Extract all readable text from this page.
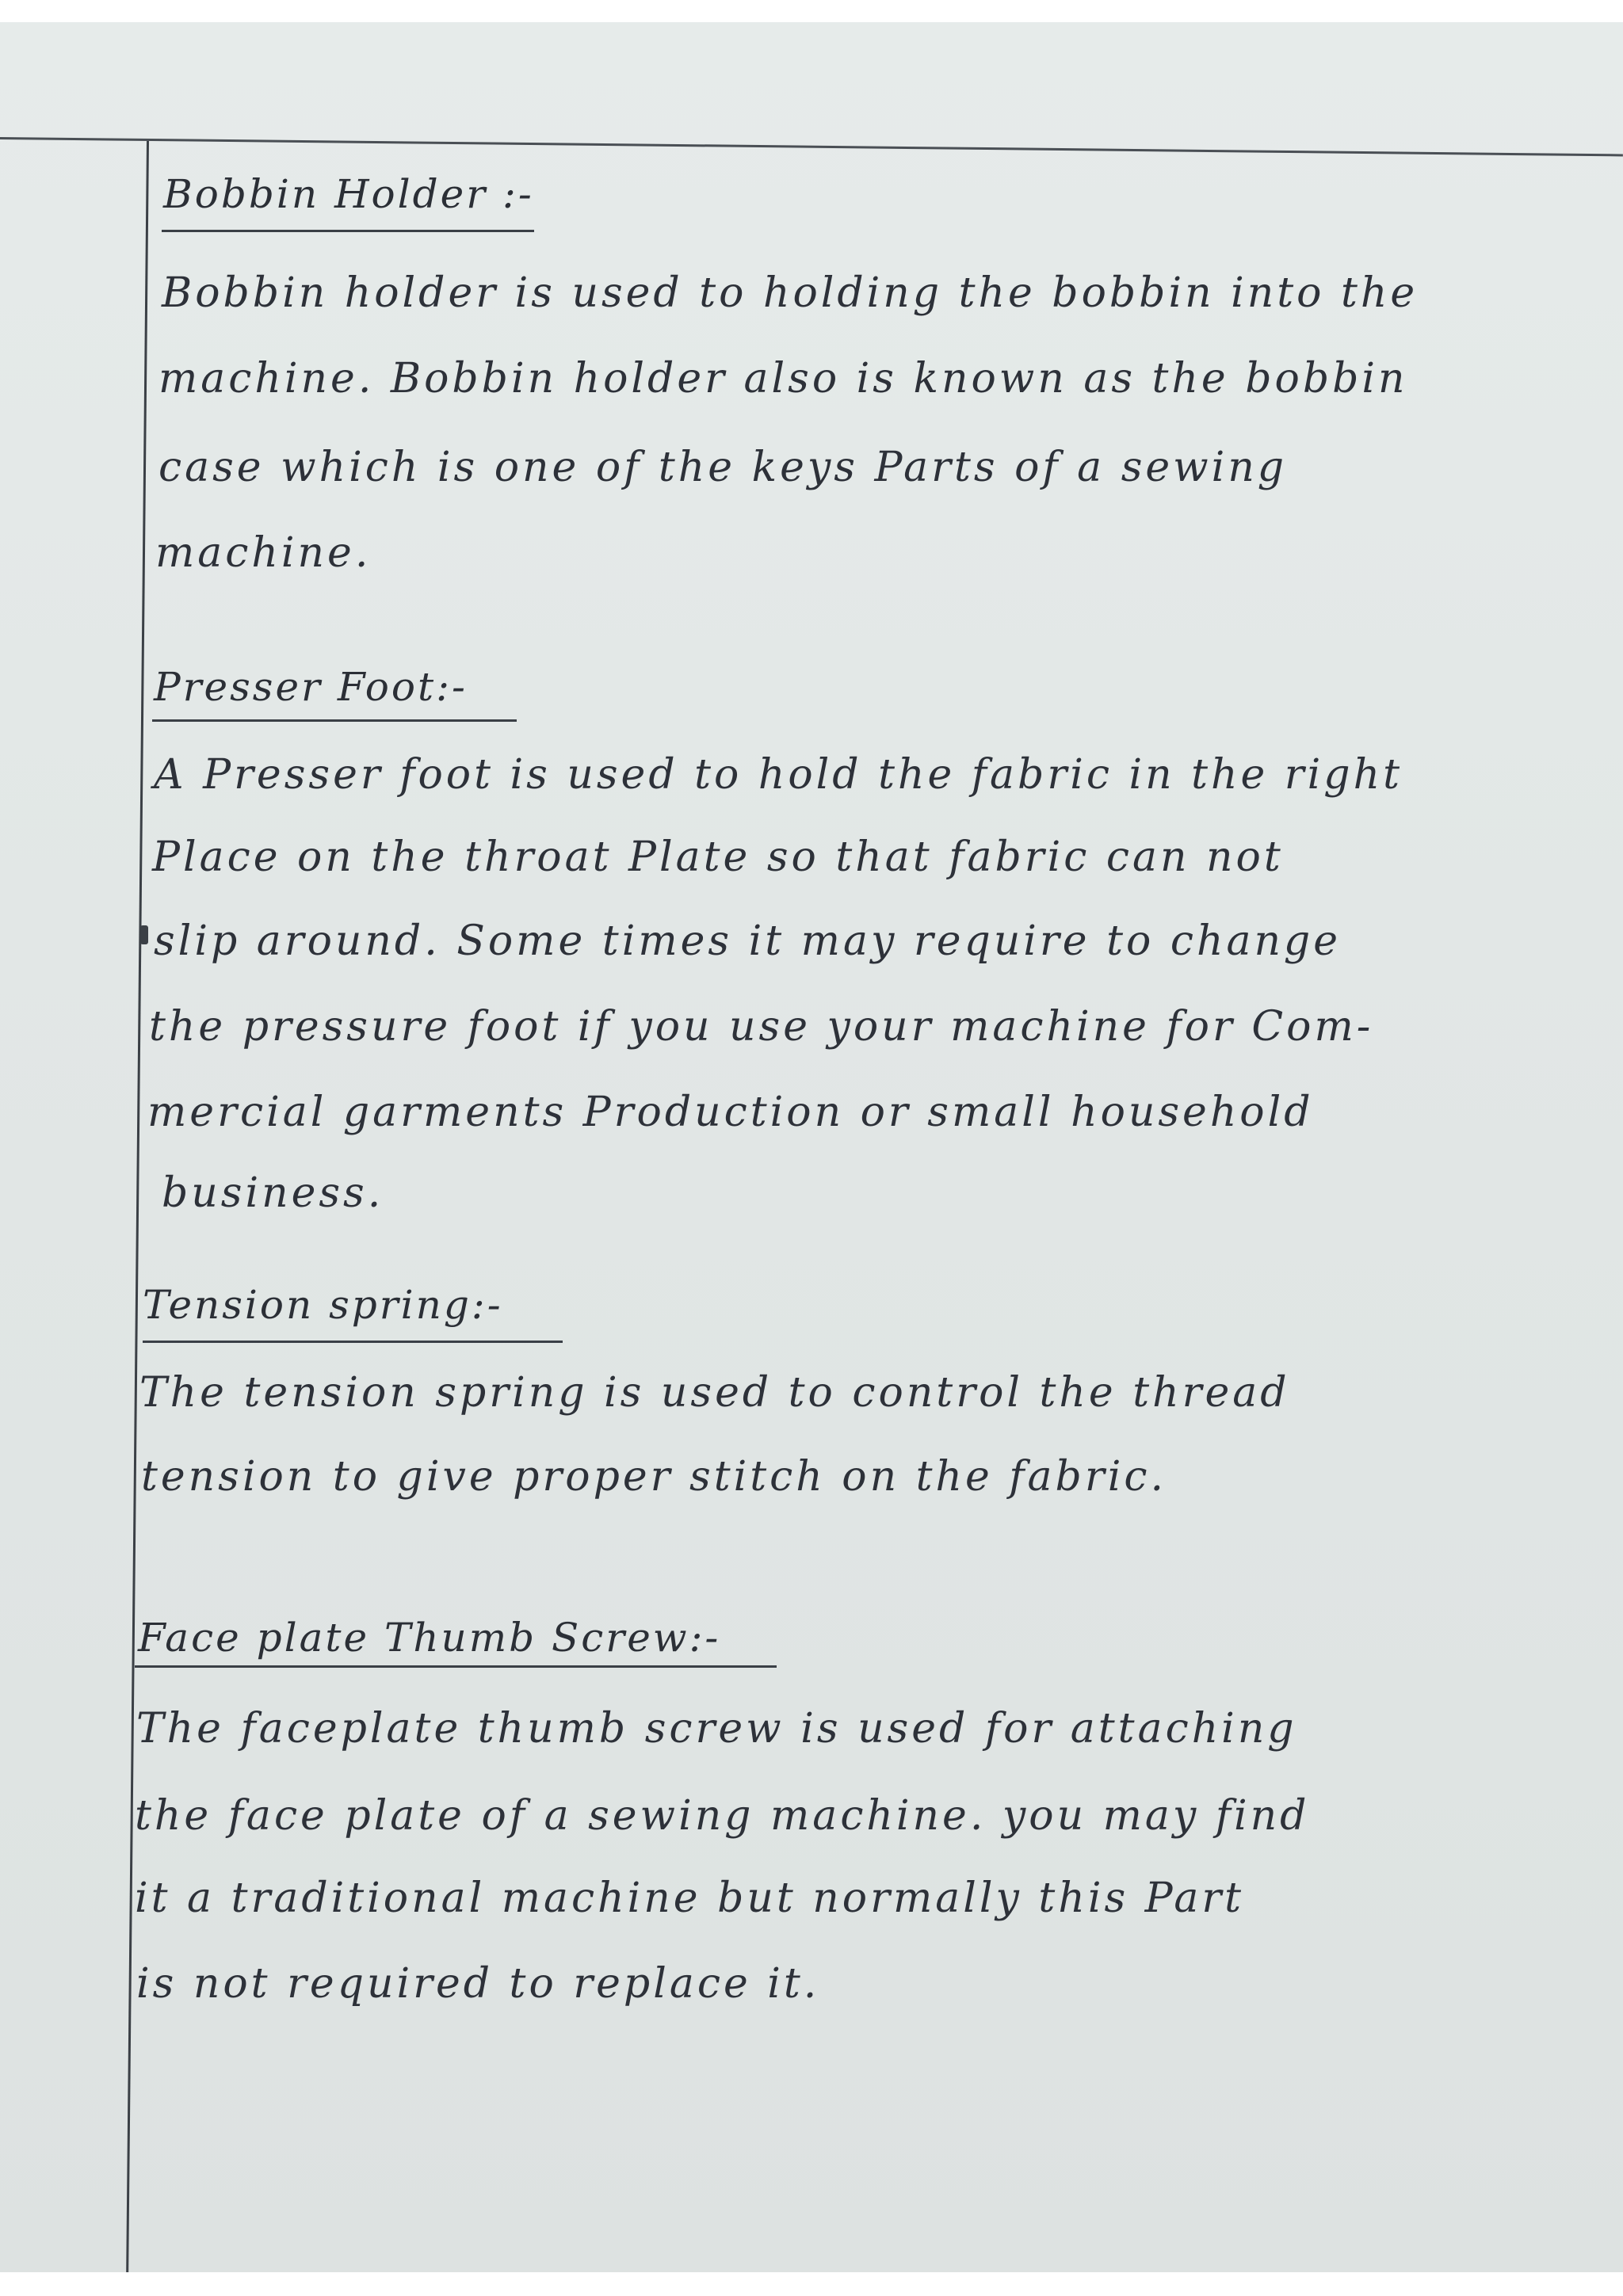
Bobbin Holder :-
Bobbin holder is used to holding the bobbin into the
machine. Bobbin holder also is known as the bobbin
case which is one of the keys Parts of a sewing
machine.
Presser Foot:-
A Presser foot is used to hold the fabric in the right
Place on the throat Plate so that fabric can not
slip around. Some times it may require to change
the pressure foot if you use your machine for Com-
mercial garments Production or small household
business.
Tension spring:-
The tension spring is used to control the thread
tension to give proper stitch on the fabric.
Face plate Thumb Screw:-
The faceplate thumb screw is used for attaching
the face plate of a sewing machine. you may find
it a traditional machine but normally this Part
is not required to replace it.
